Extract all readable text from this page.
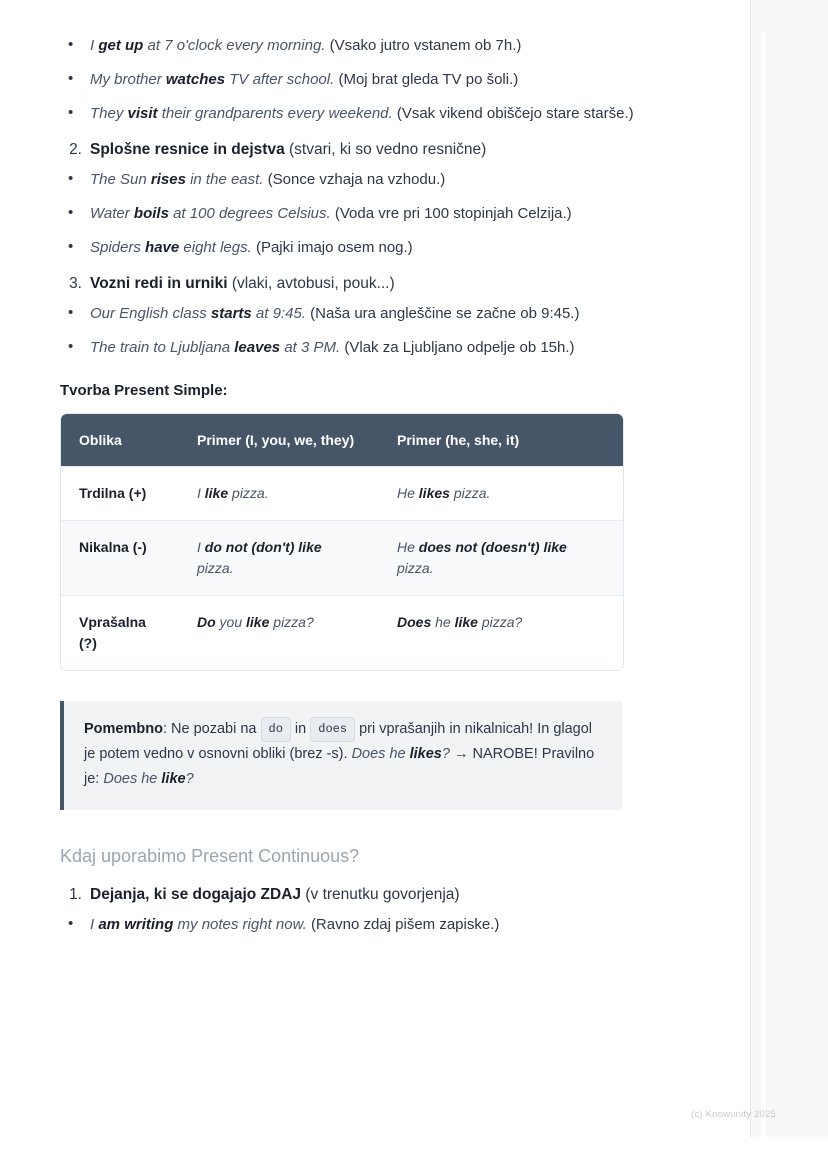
• I get up at 7 o'clock every morning. (Vsako jutro vstanem ob 7h.)
• My brother watches TV after school. (Moj brat gleda TV po šoli.)
• They visit their grandparents every weekend. (Vsak vikend obiščejo stare starše.)
2. Splošne resnice in dejstva (stvari, ki so vedno resnične)
• The Sun rises in the east. (Sonce vzhaja na vzhodu.)
• Water boils at 100 degrees Celsius. (Voda vre pri 100 stopinjah Celzija.)
• Spiders have eight legs. (Pajki imajo osem nog.)
3. Vozni redi in urniki (vlaki, avtobusi, pouk...)
• Our English class starts at 9:45. (Naša ura angleščine se začne ob 9:45.)
• The train to Ljubljana leaves at 3 PM. (Vlak za Ljubljano odpelje ob 15h.)
Tvorba Present Simple:
Oblika	Primer (I, you, we, they)	Primer (he, she, it)
Trdilna (+)	I like pizza.	He likes pizza.
Nikalna (-)	I do not (don't) like pizza.	He does not (doesn't) like pizza.
Vprašalna (?)	Do you like pizza?	Does he like pizza?
Pomembno: Ne pozabi na do in does pri vprašanjih in nikalnicah! In glagol je potem vedno v osnovni obliki (brez -s). Does he likes? → NAROBE! Pravilno je: Does he like?
Kdaj uporabimo Present Continuous?
1. Dejanja, ki se dogajajo ZDAJ (v trenutku govorjenja)
• I am writing my notes right now. (Ravno zdaj pišem zapiske.)
(c) Knowunity 2025
